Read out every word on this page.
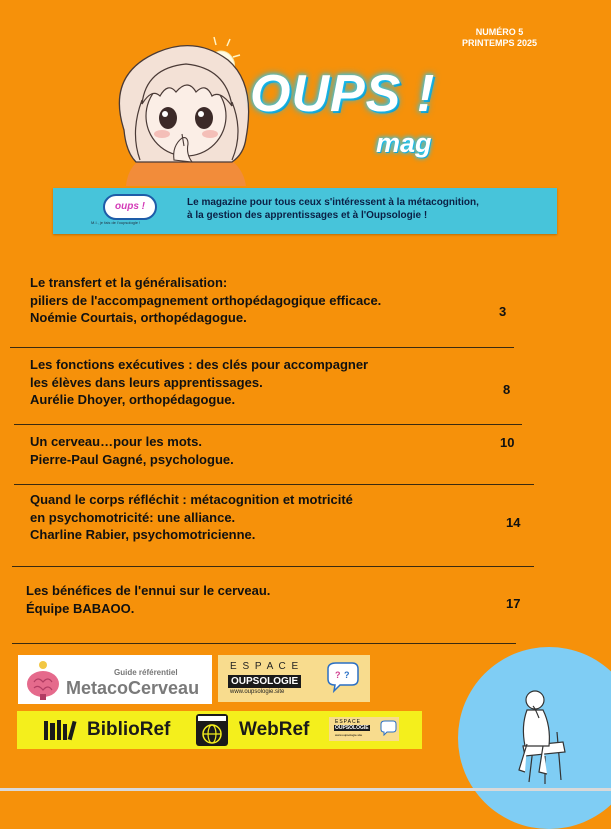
NUMÉRO 5
PRINTEMPS 2025
OUPS !
mag
oups !
M.I., je fais de l'oupsologie !
Le magazine pour tous ceux s'intéressent à la métacognition,
à la gestion des apprentissages et à l'Oupsologie !
Le transfert et la généralisation:
piliers de l'accompagnement orthopédagogique efficace.
Noémie Courtais, orthopédagogue.	3
Les fonctions exécutives : des clés pour accompagner
les élèves dans leurs apprentissages.
Aurélie Dhoyer, orthopédagogue.
8
Un cerveau…pour les mots.
Pierre-Paul Gagné, psychologue.
10
Quand le corps réfléchit : métacognition et motricité
en psychomotricité: une alliance.
Charline Rabier, psychomotricienne.
14
Les bénéfices de l'ennui sur le cerveau.
Équipe BABAOO.	17
Guide référentiel
MetacoCerveau
E S P A C E
OUPSOLOGIE
www.oupsologie.site
? ?
BiblioRef	WebRef	ESPACE
OUPSOLOGIE
www.oupsologie.site
